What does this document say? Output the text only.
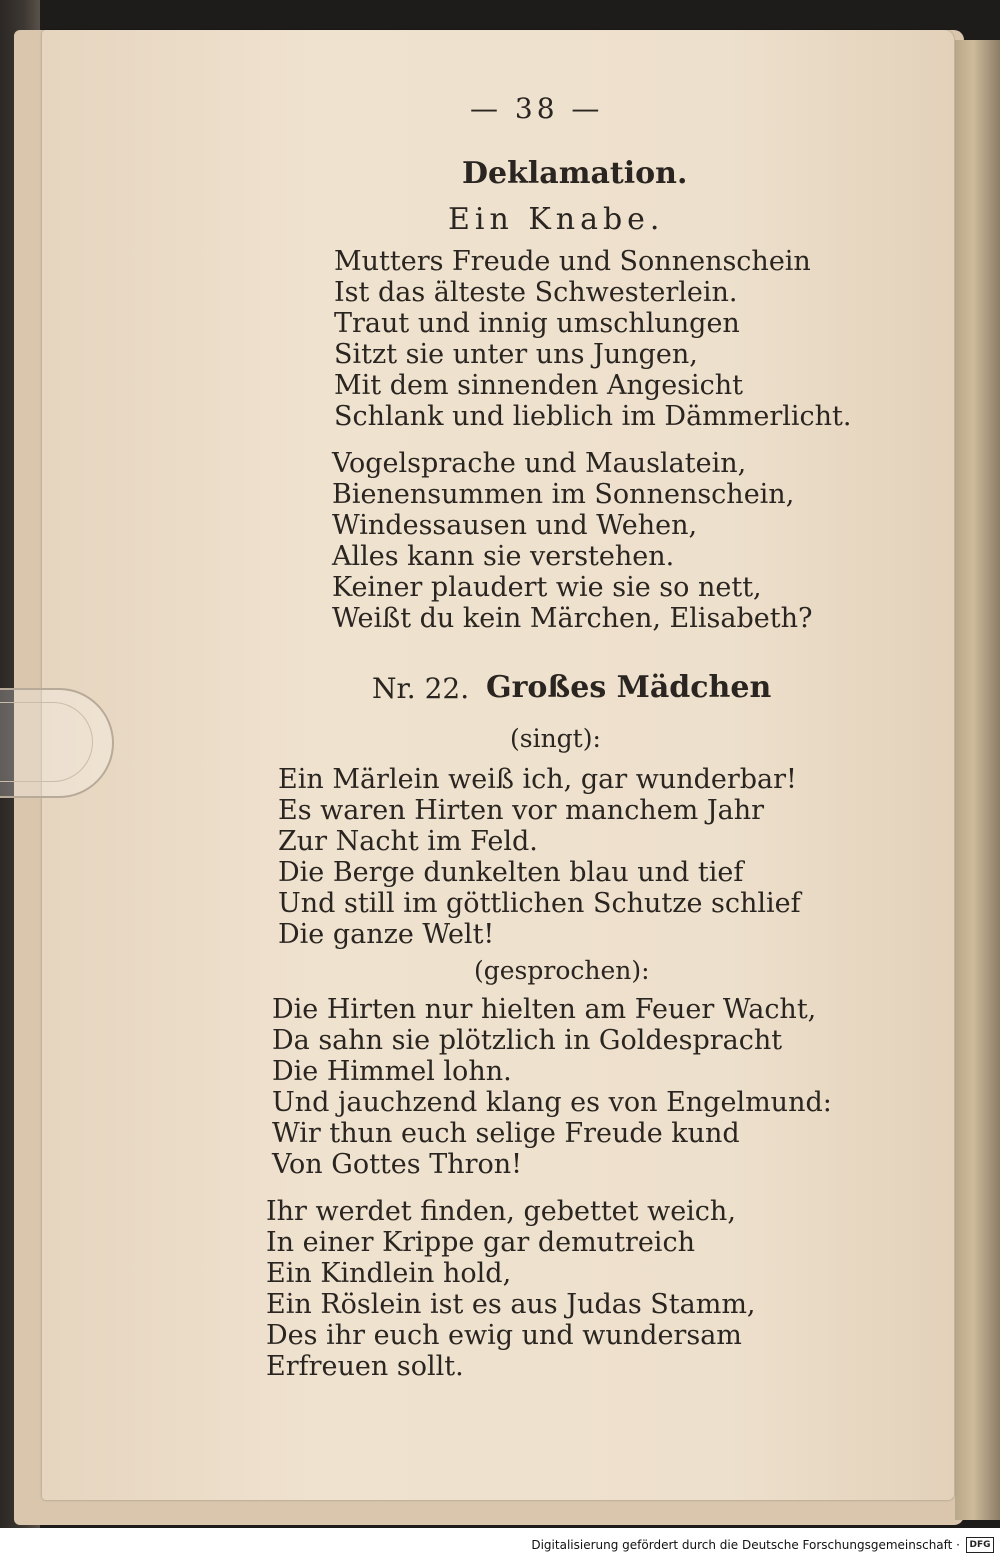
— 38 —
Deklamation.
Ein Knabe.
Mutters Freude und Sonnenschein
Ist das älteste Schwesterlein.
Traut und innig umschlungen
Sitzt sie unter uns Jungen,
Mit dem sinnenden Angesicht
Schlank und lieblich im Dämmerlicht.
Vogelsprache und Mauslatein,
Bienensummen im Sonnenschein,
Windessausen und Wehen,
Alles kann sie verstehen.
Keiner plaudert wie sie so nett,
Weißt du kein Märchen, Elisabeth?
Nr. 22. Großes Mädchen
(singt):
Ein Märlein weiß ich, gar wunderbar!
Es waren Hirten vor manchem Jahr
Zur Nacht im Feld.
Die Berge dunkelten blau und tief
Und still im göttlichen Schutze schlief
Die ganze Welt!
(gesprochen):
Die Hirten nur hielten am Feuer Wacht,
Da sahn sie plötzlich in Goldespracht
Die Himmel lohn.
Und jauchzend klang es von Engelmund:
Wir thun euch selige Freude kund
Von Gottes Thron!
Ihr werdet finden, gebettet weich,
In einer Krippe gar demutreich
Ein Kindlein hold,
Ein Röslein ist es aus Judas Stamm,
Des ihr euch ewig und wundersam
Erfreuen sollt.
Digitalisierung gefördert durch die Deutsche Forschungsgemeinschaft ·	DFG
